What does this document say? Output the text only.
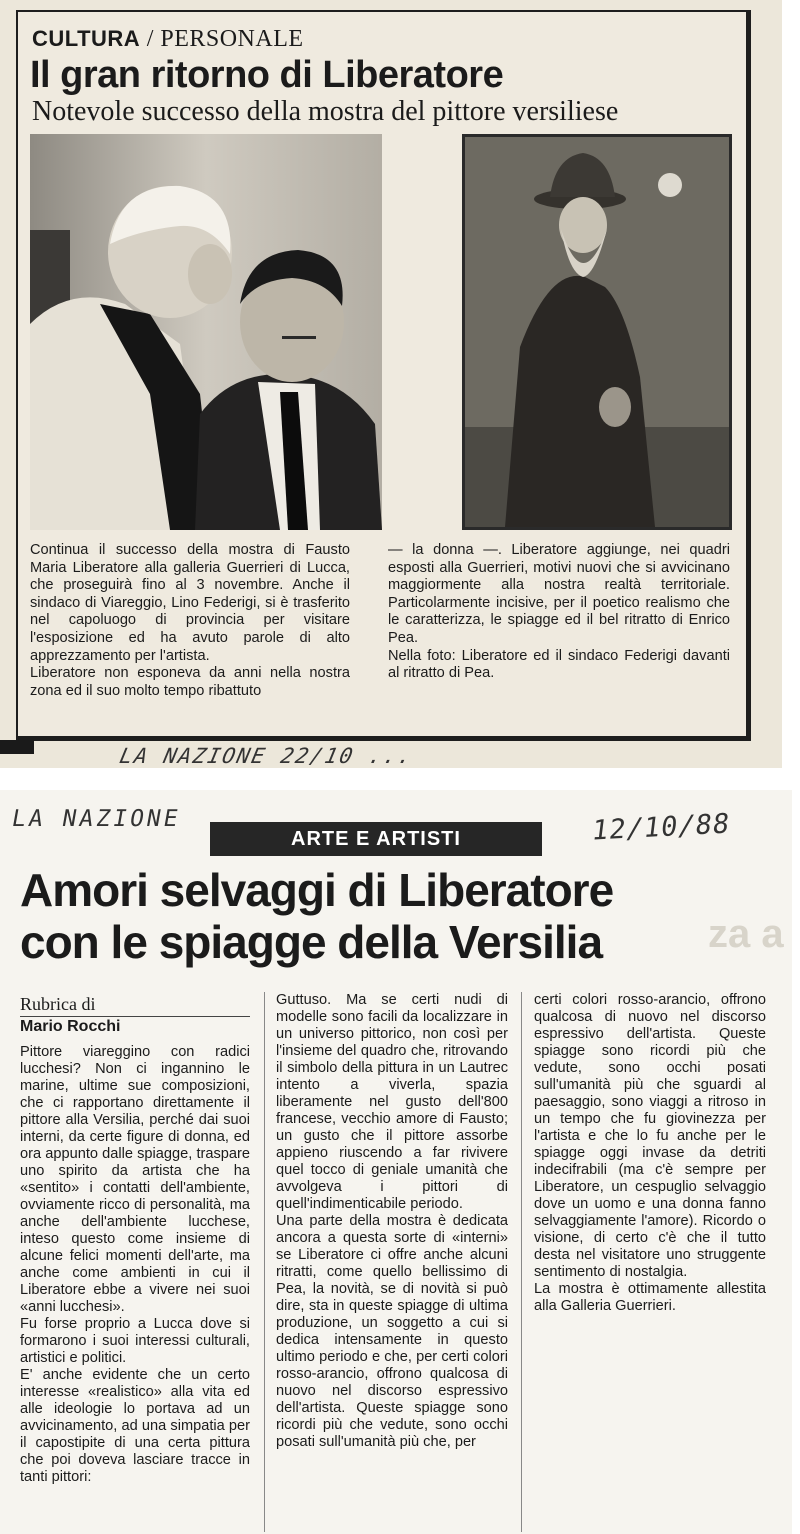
CULTURA / PERSONALE
Il gran ritorno di Liberatore
Notevole successo della mostra del pittore versiliese

Continua il successo della mostra di Fausto Maria Liberatore alla galleria Guerrieri di Lucca, che proseguirà fino al 3 novembre. Anche il sindaco di Viareggio, Lino Federigi, si è trasferito nel capoluogo di provincia per visitare l'esposizione ed ha avuto parole di alto apprezzamento per l'artista.

Liberatore non esponeva da anni nella nostra zona ed il suo molto tempo ribattuto

— la donna —. Liberatore aggiunge, nei quadri esposti alla Guerrieri, motivi nuovi che si avvicinano maggiormente alla nostra realtà territoriale. Particolarmente incisive, per il poetico realismo che le caratterizza, le spiagge ed il bel ritratto di Enrico Pea.

Nella foto: Liberatore ed il sindaco Federigi davanti al ritratto di Pea.

LA NAZIONE 22/10 ...
za a
LA NAZIONE	12/10/88
ARTE E ARTISTI
Amori selvaggi di Liberatore
con le spiagge della Versilia
Rubrica di
Mario Rocchi

Pittore viareggino con radici lucchesi? Non ci ingannino le marine, ultime sue composizioni, che ci rapportano direttamente il pittore alla Versilia, perché dai suoi interni, da certe figure di donna, ed ora appunto dalle spiagge, traspare uno spirito da artista che ha «sentito» i contatti dell'ambiente, ovviamente ricco di personalità, ma anche dell'ambiente lucchese, inteso questo come insieme di alcune felici momenti dell'arte, ma anche come ambienti in cui il Liberatore ebbe a vivere nei suoi «anni lucchesi».

Fu forse proprio a Lucca dove si formarono i suoi interessi culturali, artistici e politici.

E' anche evidente che un certo interesse «realistico» alla vita ed alle ideologie lo portava ad un avvicinamento, ad una simpatia per il capostipite di una certa pittura che poi doveva lasciare tracce in tanti pittori:

Guttuso. Ma se certi nudi di modelle sono facili da localizzare in un universo pittorico, non così per l'insieme del quadro che, ritrovando il simbolo della pittura in un Lautrec intento a viverla, spazia liberamente nel gusto dell'800 francese, vecchio amore di Fausto; un gusto che il pittore assorbe appieno riuscendo a far rivivere quel tocco di geniale umanità che avvolgeva i pittori di quell'indimenticabile periodo.

Una parte della mostra è dedicata ancora a questa sorte di «interni» se Liberatore ci offre anche alcuni ritratti, come quello bellissimo di Pea, la novità, se di novità si può dire, sta in queste spiagge di ultima produzione, un soggetto a cui si dedica intensamente in questo ultimo periodo e che, per certi colori rosso-arancio, offrono qualcosa di nuovo nel discorso espressivo dell'artista. Queste spiagge sono ricordi più che vedute, sono occhi posati sull'umanità più che, per

certi colori rosso-arancio, offrono qualcosa di nuovo nel discorso espressivo dell'artista. Queste spiagge sono ricordi più che vedute, sono occhi posati sull'umanità più che sguardi al paesaggio, sono viaggi a ritroso in un tempo che fu giovinezza per l'artista e che lo fu anche per le spiagge oggi invase da detriti indecifrabili (ma c'è sempre per Liberatore, un cespuglio selvaggio dove un uomo e una donna fanno selvaggiamente l'amore). Ricordo o visione, di certo c'è che il tutto desta nel visitatore uno struggente sentimento di nostalgia.

La mostra è ottimamente allestita alla Galleria Guerrieri.
